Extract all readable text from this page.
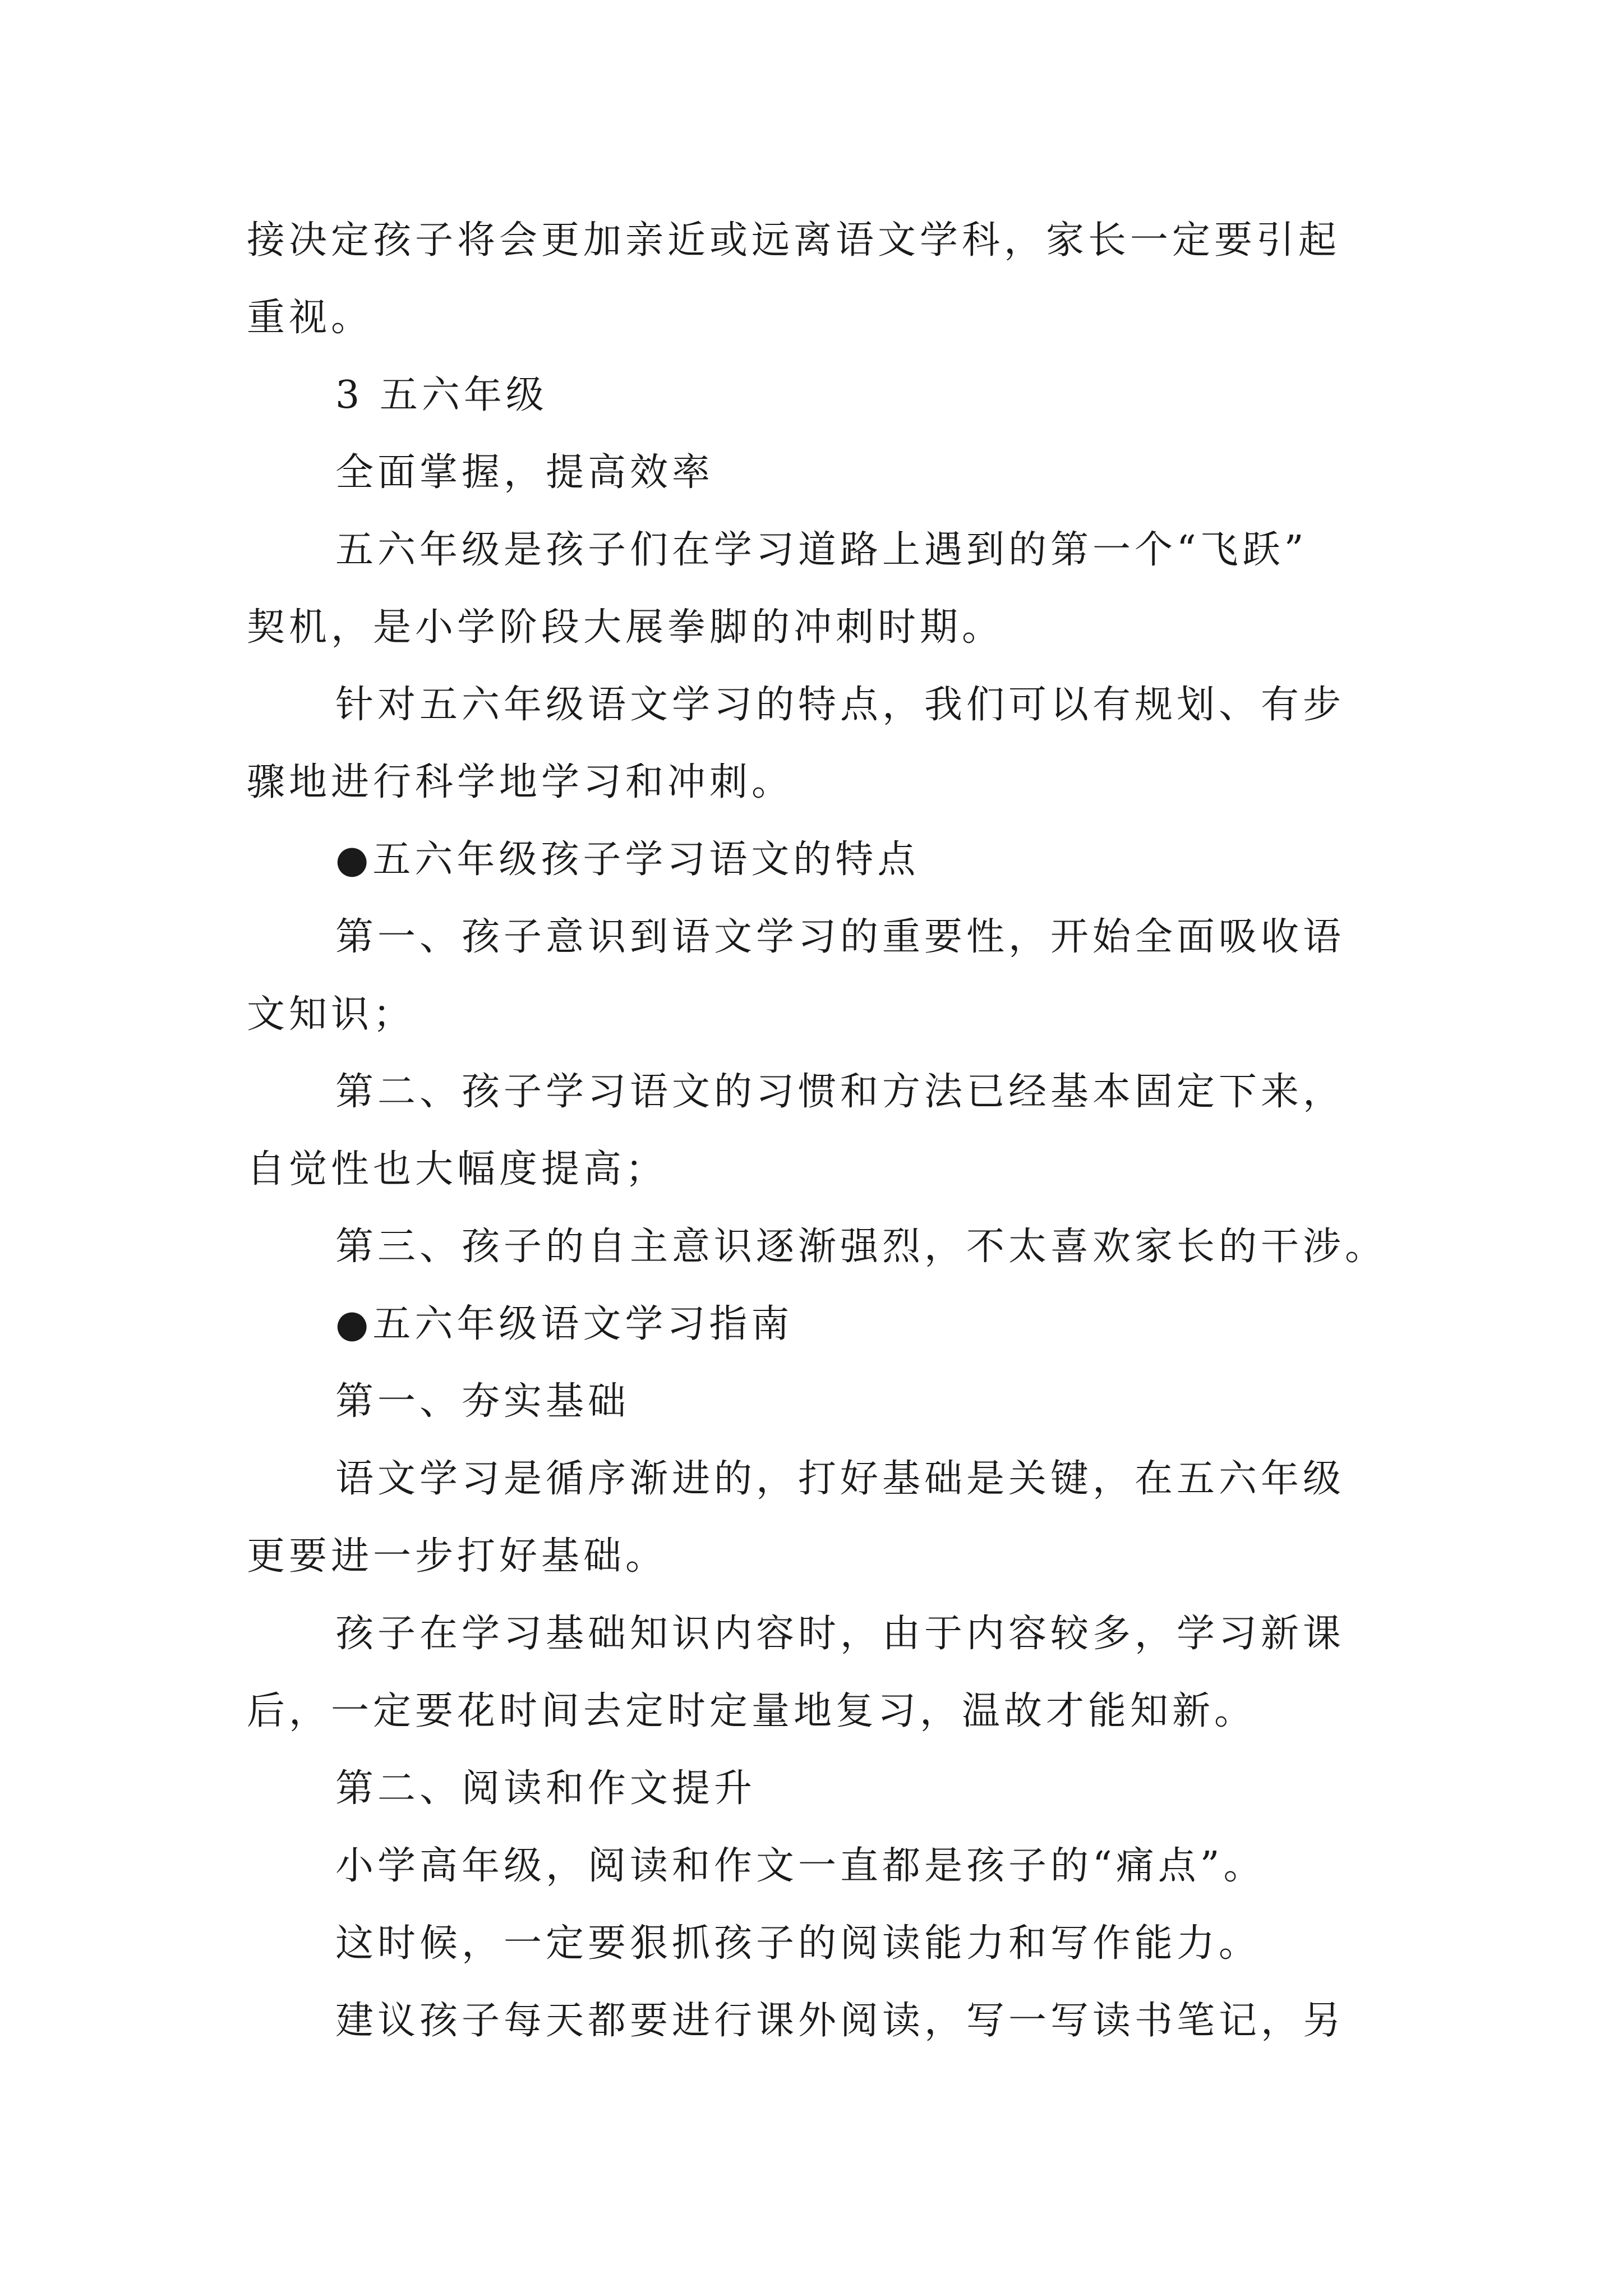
接决定孩子将会更加亲近或远离语文学科，家长一定要引起
重视。
3 五六年级
全面掌握，提高效率
五六年级是孩子们在学习道路上遇到的第一个“飞跃”
契机，是小学阶段大展拳脚的冲刺时期。
针对五六年级语文学习的特点，我们可以有规划、有步
骤地进行科学地学习和冲刺。
●五六年级孩子学习语文的特点
第一、孩子意识到语文学习的重要性，开始全面吸收语
文知识；
第二、孩子学习语文的习惯和方法已经基本固定下来，
自觉性也大幅度提高；
第三、孩子的自主意识逐渐强烈，不太喜欢家长的干涉。
●五六年级语文学习指南
第一、夯实基础
语文学习是循序渐进的，打好基础是关键，在五六年级
更要进一步打好基础。
孩子在学习基础知识内容时，由于内容较多，学习新课
后，一定要花时间去定时定量地复习，温故才能知新。
第二、阅读和作文提升
小学高年级，阅读和作文一直都是孩子的“痛点”。
这时候，一定要狠抓孩子的阅读能力和写作能力。
建议孩子每天都要进行课外阅读，写一写读书笔记，另
